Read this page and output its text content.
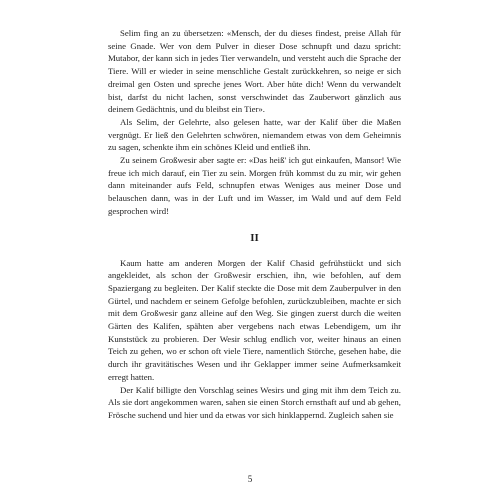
Selim fing an zu übersetzen: «Mensch, der du dieses findest, preise Allah für seine Gnade. Wer von dem Pulver in dieser Dose schnupft und dazu spricht: Mutabor, der kann sich in jedes Tier verwandeln, und versteht auch die Sprache der Tiere. Will er wieder in seine menschliche Gestalt zurückkehren, so neige er sich dreimal gen Osten und spreche jenes Wort. Aber hüte dich! Wenn du verwandelt bist, darfst du nicht lachen, sonst verschwindet das Zauberwort gänzlich aus deinem Gedächtnis, und du bleibst ein Tier».

Als Selim, der Gelehrte, also gelesen hatte, war der Kalif über die Maßen vergnügt. Er ließ den Gelehrten schwören, niemandem etwas von dem Geheimnis zu sagen, schenkte ihm ein schönes Kleid und entließ ihn.

Zu seinem Großwesir aber sagte er: «Das heiß' ich gut einkaufen, Mansor! Wie freue ich mich darauf, ein Tier zu sein. Morgen früh kommst du zu mir, wir gehen dann miteinander aufs Feld, schnupfen etwas Weniges aus meiner Dose und belauschen dann, was in der Luft und im Wasser, im Wald und auf dem Feld gesprochen wird!

II

Kaum hatte am anderen Morgen der Kalif Chasid gefrühstückt und sich angekleidet, als schon der Großwesir erschien, ihn, wie befohlen, auf dem Spaziergang zu begleiten. Der Kalif steckte die Dose mit dem Zauberpulver in den Gürtel, und nachdem er seinem Gefolge befohlen, zurückzubleiben, machte er sich mit dem Großwesir ganz alleine auf den Weg. Sie gingen zuerst durch die weiten Gärten des Kalifen, spähten aber vergebens nach etwas Lebendigem, um ihr Kunststück zu probieren. Der Wesir schlug endlich vor, weiter hinaus an einen Teich zu gehen, wo er schon oft viele Tiere, namentlich Störche, gesehen habe, die durch ihr gravitätisches Wesen und ihr Geklapper immer seine Aufmerksamkeit erregt hatten.

Der Kalif billigte den Vorschlag seines Wesirs und ging mit ihm dem Teich zu. Als sie dort angekommen waren, sahen sie einen Storch ernsthaft auf und ab gehen, Frösche suchend und hier und da etwas vor sich hinklappernd. Zugleich sahen sie

5
